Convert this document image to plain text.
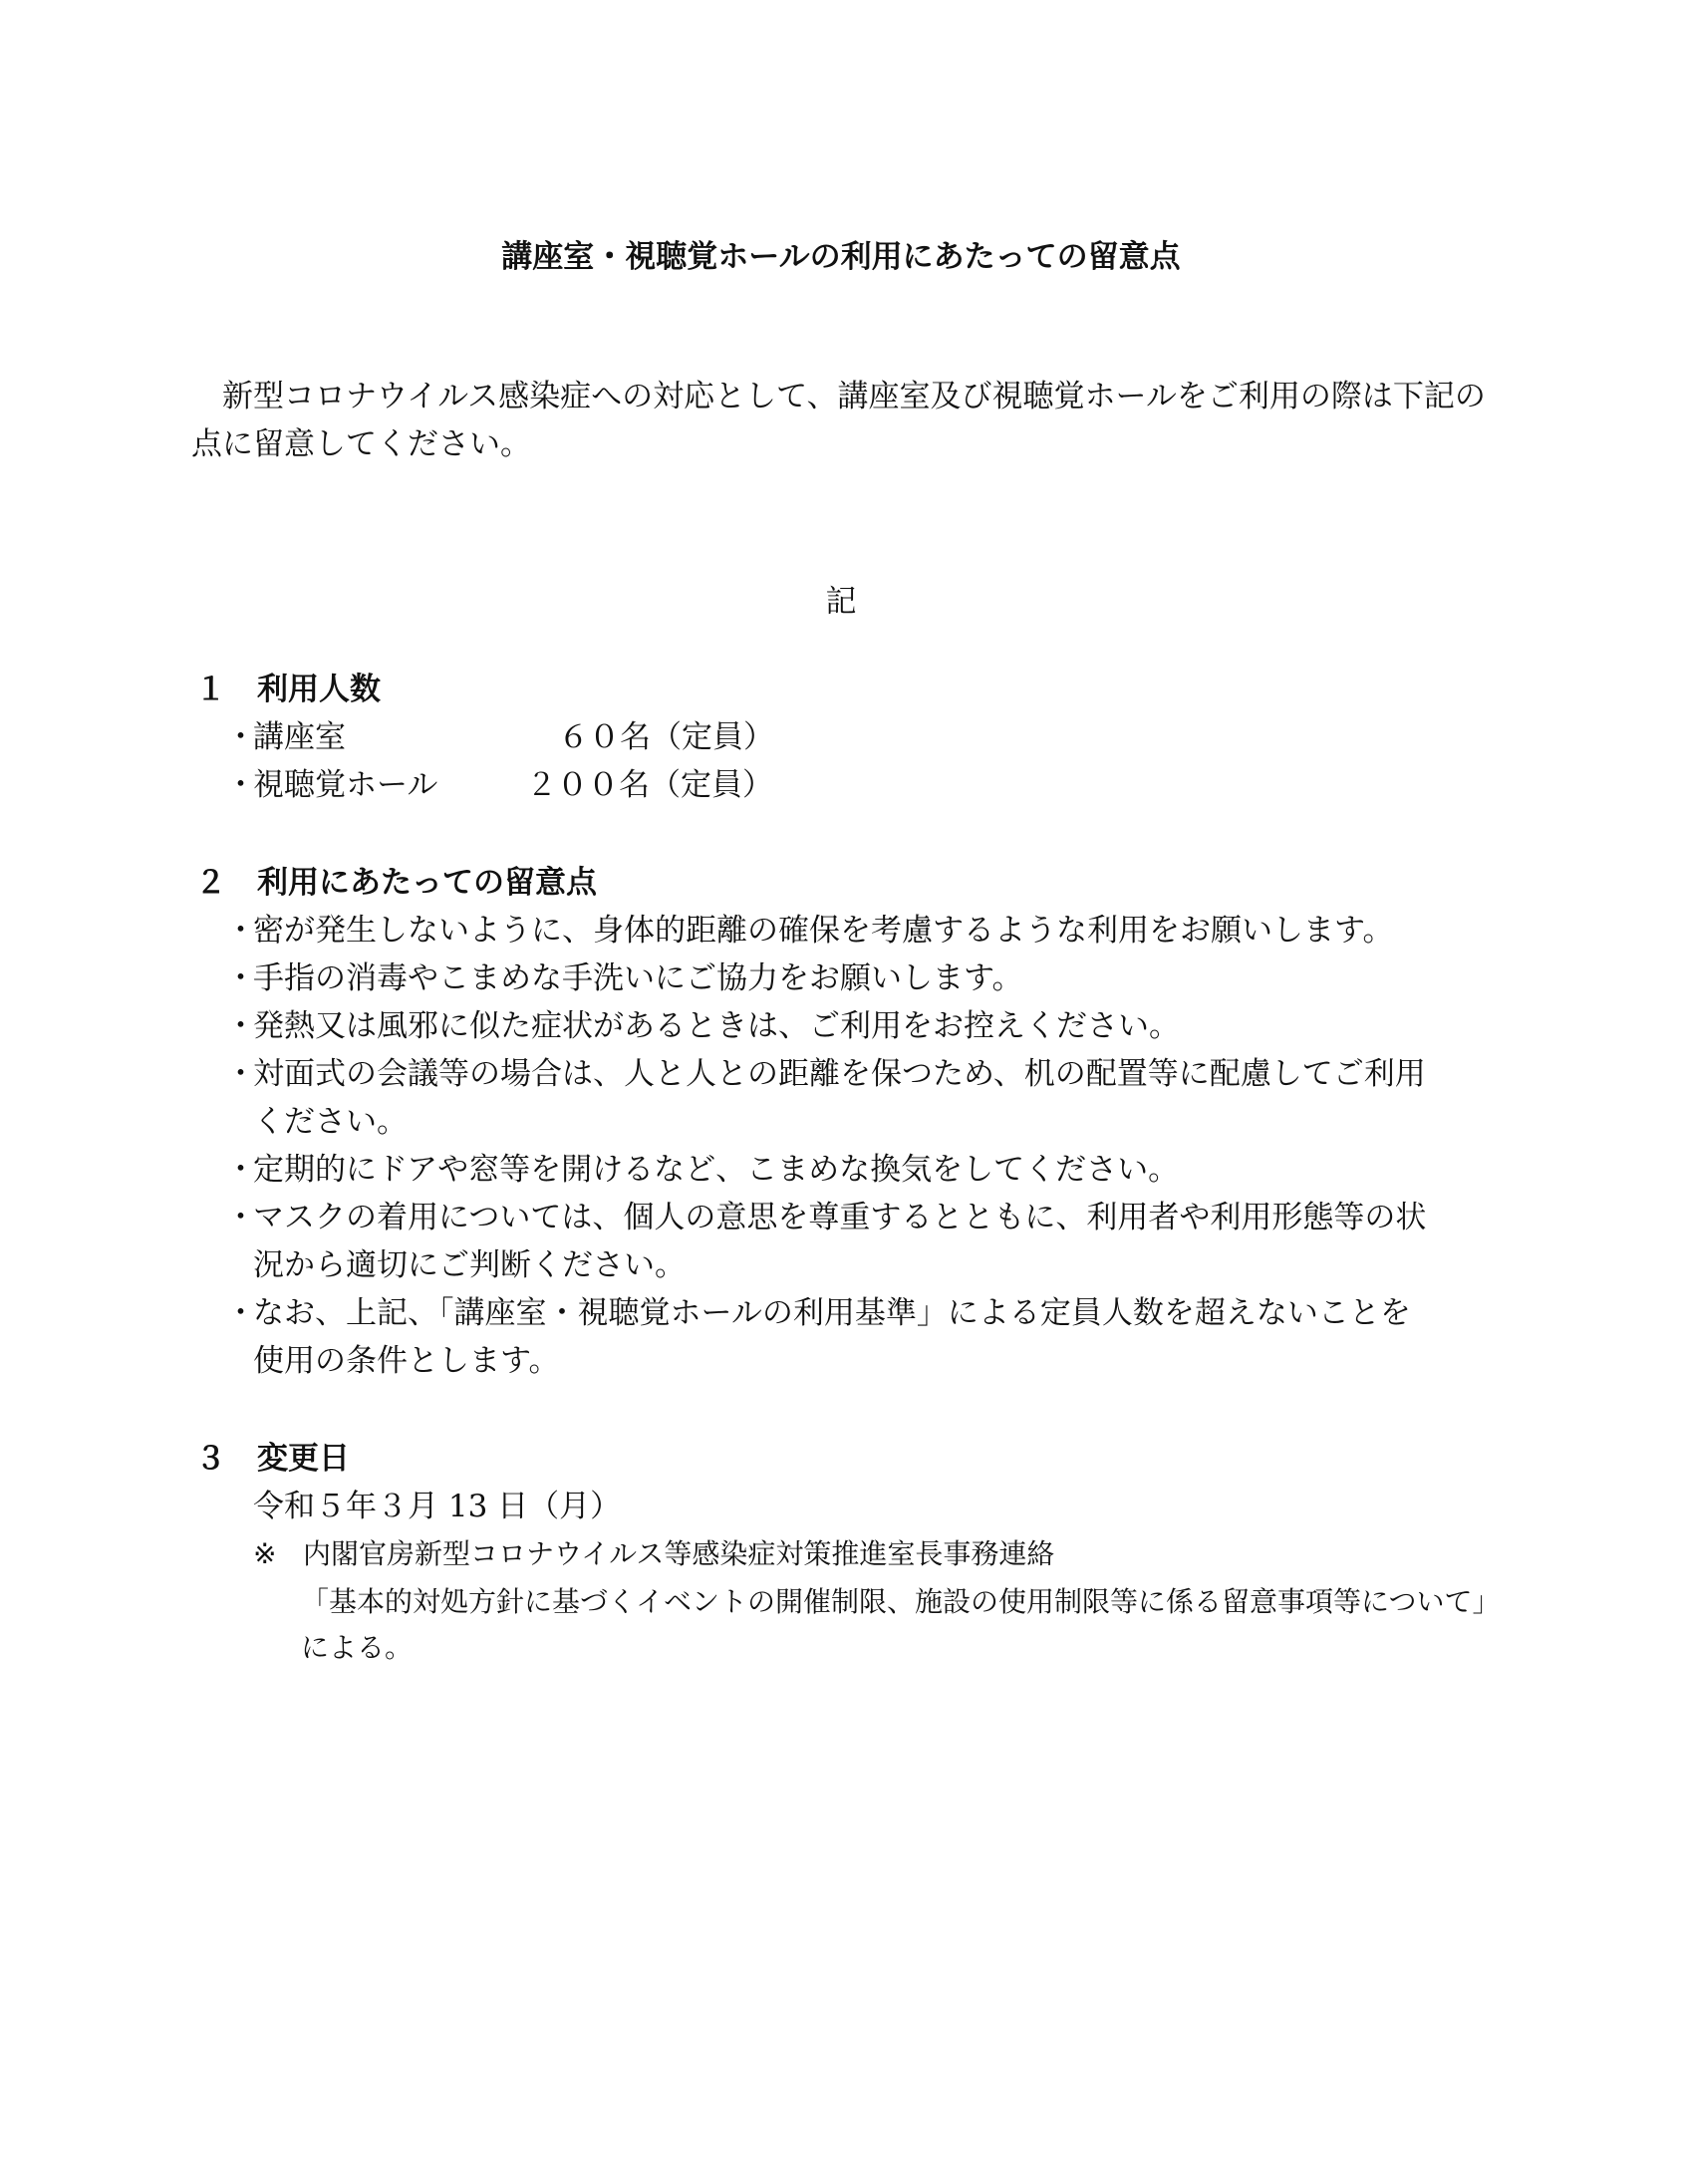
講座室・視聴覚ホールの利用にあたっての留意点
新型コロナウイルス感染症への対応として、講座室及び視聴覚ホールをご利用の際は下記の点に留意してください。
記
１ 利用人数
・講座室	６０名（定員）
・視聴覚ホール	２００名（定員）
２ 利用にあたっての留意点
・密が発生しないように、身体的距離の確保を考慮するような利用をお願いします。
・手指の消毒やこまめな手洗いにご協力をお願いします。
・発熱又は風邪に似た症状があるときは、ご利用をお控えください。
・対面式の会議等の場合は、人と人との距離を保つため、机の配置等に配慮してご利用
ください。
・定期的にドアや窓等を開けるなど、こまめな換気をしてください。
・マスクの着用については、個人の意思を尊重するとともに、利用者や利用形態等の状
況から適切にご判断ください。
・なお、上記、「講座室・視聴覚ホールの利用基準」による定員人数を超えないことを
使用の条件とします。
３ 変更日
令和５年３月 13 日（月）
※ 内閣官房新型コロナウイルス等感染症対策推進室長事務連絡
「基本的対処方針に基づくイベントの開催制限、施設の使用制限等に係る留意事項等について」
による。
